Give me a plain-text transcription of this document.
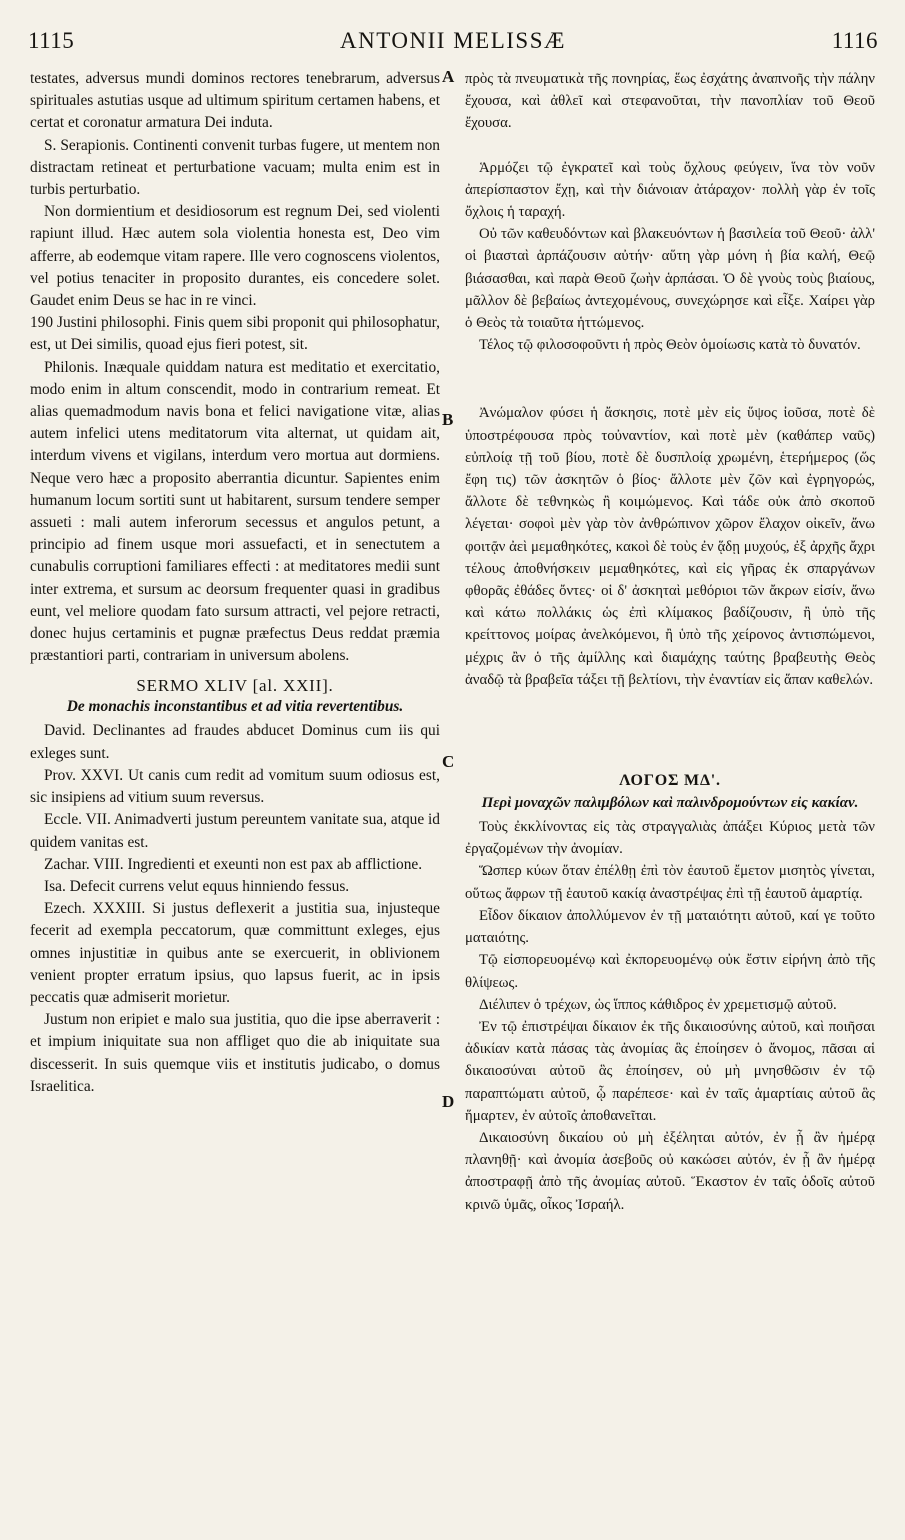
1115	ANTONII MELISSÆ	1116
A
B
C
D

testates, adversus mundi dominos rectores tenebrarum, adversus spirituales astutias usque ad ultimum spiritum certamen habens, et certat et coronatur armatura Dei induta.

S. Serapionis. Continenti convenit turbas fugere, ut mentem non distractam retineat et perturbatione vacuam; multa enim est in turbis perturbatio.

Non dormientium et desidiosorum est regnum Dei, sed violenti rapiunt illud. Hæc autem sola violentia honesta est, Deo vim afferre, ab eodemque vitam rapere. Ille vero cognoscens violentos, vel potius tenaciter in proposito durantes, eis concedere solet. Gaudet enim Deus se hac in re vinci.

190 Justini philosophi. Finis quem sibi proponit qui philosophatur, est, ut Dei similis, quoad ejus fieri potest, sit.

Philonis. Inæquale quiddam natura est meditatio et exercitatio, modo enim in altum conscendit, modo in contrarium remeat. Et alias quemadmodum navis bona et felici navigatione vitæ, alias autem infelici utens meditatorum vita alternat, ut quidam ait, interdum vivens et vigilans, interdum vero mortua aut dormiens. Neque vero hæc a proposito aberrantia dicuntur. Sapientes enim humanum locum sortiti sunt ut habitarent, sursum tendere semper assueti : mali autem inferorum secessus et angulos petunt, a principio ad finem usque mori assuefacti, et in senectutem a cunabulis corruptioni familiares effecti : at meditatores medii sunt inter extrema, et sursum ac deorsum frequenter quasi in gradibus eunt, vel meliore quodam fato sursum attracti, vel pejore retracti, donec hujus certaminis et pugnæ præfectus Deus reddat præmia præstantiori parti, contrariam in universum abolens.

SERMO XLIV [al. XXII].
De monachis inconstantibus et ad vitia revertentibus.

David. Declinantes ad fraudes abducet Dominus cum iis qui exleges sunt.

Prov. XXVI. Ut canis cum redit ad vomitum suum odiosus est, sic insipiens ad vitium suum reversus.

Eccle. VII. Animadverti justum pereuntem vanitate sua, atque id quidem vanitas est.

Zachar. VIII. Ingredienti et exeunti non est pax ab afflictione.

Isa. Defecit currens velut equus hinniendo fessus.

Ezech. XXXIII. Si justus deflexerit a justitia sua, injusteque fecerit ad exempla peccatorum, quæ committunt exleges, ejus omnes injustitiæ in quibus ante se exercuerit, in oblivionem venient propter erratum ipsius, quo lapsus fuerit, ac in ipsis peccatis quæ admiserit morietur.

Justum non eripiet e malo sua justitia, quo die ipse aberraverit : et impium iniquitate sua non affliget quo die ab iniquitate sua discesserit. In suis quemque viis et institutis judicabo, o domus Israelitica.

πρὸς τὰ πνευματικὰ τῆς πονηρίας, ἕως ἐσχάτης ἀναπνοῆς τὴν πάλην ἔχουσα, καὶ ἀθλεῖ καὶ στεφανοῦται, τὴν πανοπλίαν τοῦ Θεοῦ ἔχουσα.

Ἁρμόζει τῷ ἐγκρατεῖ καὶ τοὺς ὄχλους φεύγειν, ἵνα τὸν νοῦν ἀπερίσπαστον ἔχῃ, καὶ τὴν διάνοιαν ἀτάραχον· πολλὴ γὰρ ἐν τοῖς ὄχλοις ἡ ταραχή.

Οὐ τῶν καθευδόντων καὶ βλακευόντων ἡ βασιλεία τοῦ Θεοῦ· ἀλλ' οἱ βιασταὶ ἁρπάζουσιν αὐτήν· αὕτη γὰρ μόνη ἡ βία καλή, Θεῷ βιάσασθαι, καὶ παρὰ Θεοῦ ζωὴν ἁρπάσαι. Ὁ δὲ γνοὺς τοὺς βιαίους, μᾶλλον δὲ βεβαίως ἀντεχομένους, συνεχώρησε καὶ εἶξε. Χαίρει γὰρ ὁ Θεὸς τὰ τοιαῦτα ἡττώμενος.

Τέλος τῷ φιλοσοφοῦντι ἡ πρὸς Θεὸν ὁμοίωσις κατὰ τὸ δυνατόν.

Ἀνώμαλον φύσει ἡ ἄσκησις, ποτὲ μὲν εἰς ὕψος ἰοῦσα, ποτὲ δὲ ὑποστρέφουσα πρὸς τοὐναντίον, καὶ ποτὲ μὲν (καθάπερ ναῦς) εὐπλοίᾳ τῇ τοῦ βίου, ποτὲ δὲ δυσπλοίᾳ χρωμένη, ἑτερήμερος (ὥς ἔφη τις) τῶν ἀσκητῶν ὁ βίος· ἄλλοτε μὲν ζῶν καὶ ἐγρηγορώς, ἄλλοτε δὲ τεθνηκὼς ἢ κοιμώμενος. Καὶ τάδε οὐκ ἀπὸ σκοποῦ λέγεται· σοφοὶ μὲν γὰρ τὸν ἀνθρώπινον χῶρον ἔλαχον οἰκεῖν, ἄνω φοιτᾷν ἀεὶ μεμαθηκότες, κακοὶ δὲ τοὺς ἐν ᾅδῃ μυχούς, ἐξ ἀρχῆς ἄχρι τέλους ἀποθνήσκειν μεμαθηκότες, καὶ εἰς γῆρας ἐκ σπαργάνων φθορᾶς ἐθάδες ὄντες· οἱ δ' ἀσκηταὶ μεθόριοι τῶν ἄκρων εἰσίν, ἄνω καὶ κάτω πολλάκις ὡς ἐπὶ κλίμακος βαδίζουσιν, ἢ ὑπὸ τῆς κρείττονος μοίρας ἀνελκόμενοι, ἢ ὑπὸ τῆς χείρονος ἀντισπώμενοι, μέχρις ἂν ὁ τῆς ἁμίλλης καὶ διαμάχης ταύτης βραβευτὴς Θεὸς ἀναδῷ τὰ βραβεῖα τάξει τῇ βελτίονι, τὴν ἐναντίαν εἰς ἅπαν καθελών.

ΛΟΓΟΣ ΜΔ'.
Περὶ μοναχῶν παλιμβόλων καὶ παλινδρομούντων εἰς κακίαν.

Τοὺς ἐκκλίνοντας εἰς τὰς στραγγαλιὰς ἀπάξει Κύριος μετὰ τῶν ἐργαζομένων τὴν ἀνομίαν.

Ὥσπερ κύων ὅταν ἐπέλθῃ ἐπὶ τὸν ἑαυτοῦ ἔμετον μισητὸς γίνεται, οὕτως ἄφρων τῇ ἑαυτοῦ κακίᾳ ἀναστρέψας ἐπὶ τῇ ἑαυτοῦ ἁμαρτίᾳ.

Εἶδον δίκαιον ἀπολλύμενον ἐν τῇ ματαιότητι αὐτοῦ, καί γε τοῦτο ματαιότης.

Τῷ εἰσπορευομένῳ καὶ ἐκπορευομένῳ οὐκ ἔστιν εἰρήνη ἀπὸ τῆς θλίψεως.

Διέλιπεν ὁ τρέχων, ὡς ἵππος κάθιδρος ἐν χρεμετισμῷ αὐτοῦ.

Ἐν τῷ ἐπιστρέψαι δίκαιον ἐκ τῆς δικαιοσύνης αὐτοῦ, καὶ ποιῆσαι ἀδικίαν κατὰ πάσας τὰς ἀνομίας ἃς ἐποίησεν ὁ ἄνομος, πᾶσαι αἱ δικαιοσύναι αὐτοῦ ἃς ἐποίησεν, οὐ μὴ μνησθῶσιν ἐν τῷ παραπτώματι αὐτοῦ, ᾧ παρέπεσε· καὶ ἐν ταῖς ἁμαρτίαις αὐτοῦ ἃς ἥμαρτεν, ἐν αὐτοῖς ἀποθανεῖται.

Δικαιοσύνη δικαίου οὐ μὴ ἐξέληται αὐτόν, ἐν ᾗ ἂν ἡμέρᾳ πλανηθῇ· καὶ ἀνομία ἀσεβοῦς οὐ κακώσει αὐτόν, ἐν ᾗ ἂν ἡμέρᾳ ἀποστραφῇ ἀπὸ τῆς ἀνομίας αὐτοῦ. Ἕκαστον ἐν ταῖς ὁδοῖς αὐτοῦ κρινῶ ὑμᾶς, οἶκος Ἰσραήλ.
